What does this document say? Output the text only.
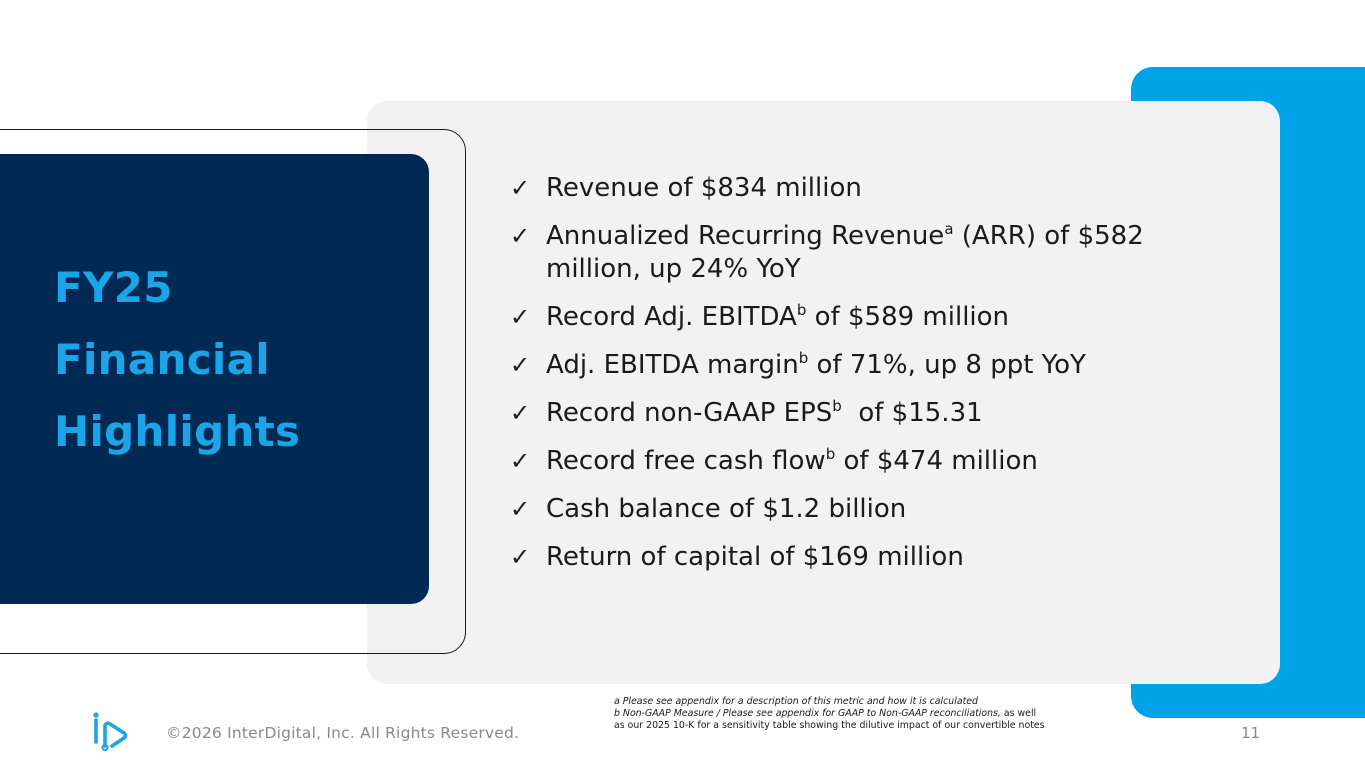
FY25
Financial
Highlights
✓ Revenue of $834 million
✓ Annualized Recurring Revenue$^a$ (ARR) of $582 million, up 24% YoY
✓ Record Adj. EBITDA$^b$ of $589 million
✓ Adj. EBITDA margin$^b$ of 71%, up 8 ppt YoY
✓ Record non-GAAP EPS$^b$  of $15.31
✓ Record free cash flow$^b$ of $474 million
✓ Cash balance of $1.2 billion
✓ Return of capital of $169 million
©2026 InterDigital, Inc. All Rights Reserved.
a Please see appendix for a description of this metric and how it is calculated
b Non-GAAP Measure / Please see appendix for GAAP to Non-GAAP reconciliations, as well
as our 2025 10-K for a sensitivity table showing the dilutive impact of our convertible notes	11
